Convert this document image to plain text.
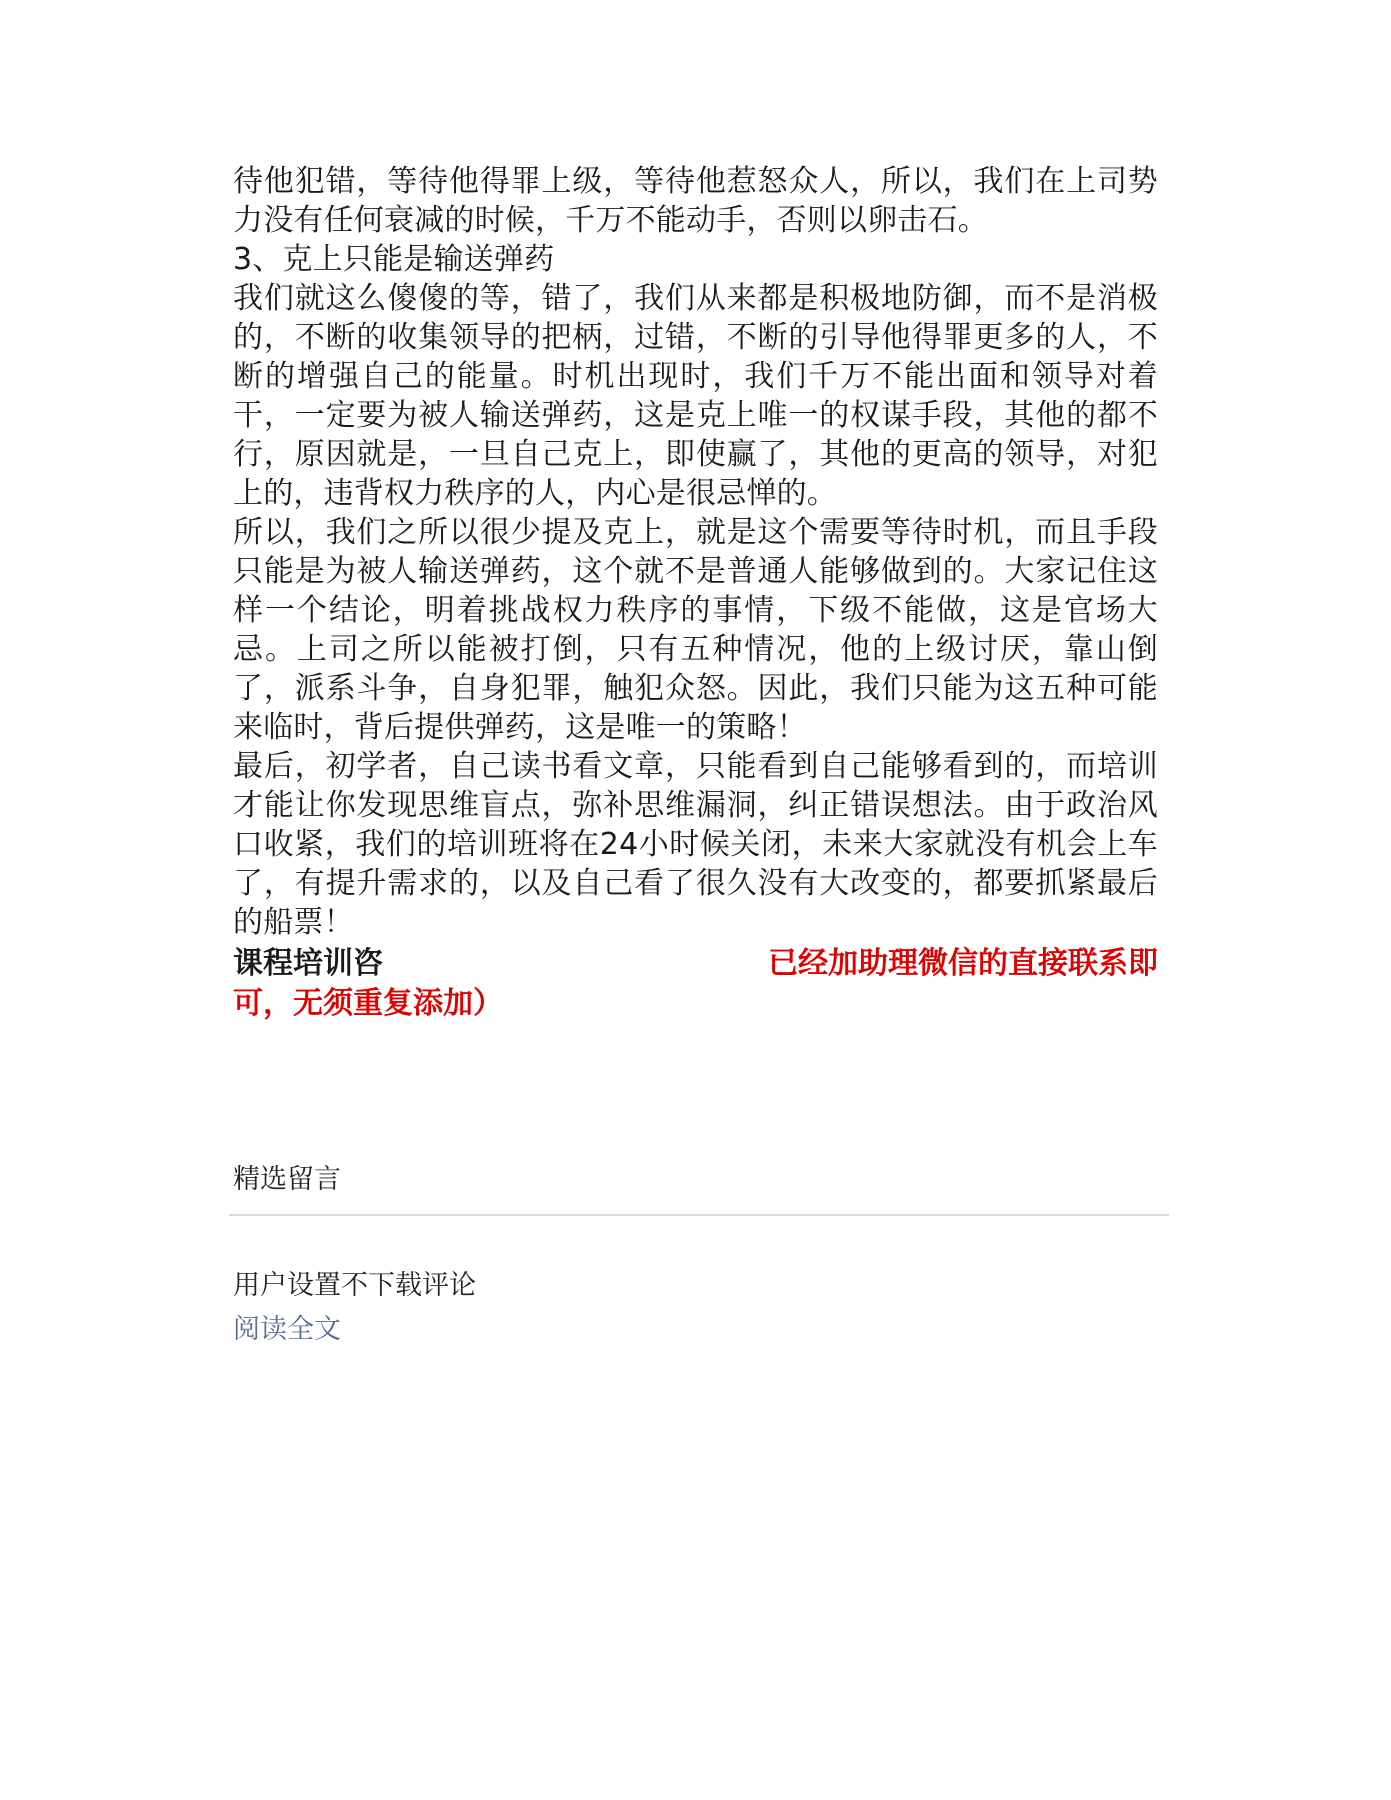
待他犯错，等待他得罪上级，等待他惹怒众人，所以，我们在上司势力没有任何衰减的时候，千万不能动手，否则以卵击石。

3、克上只能是输送弹药

我们就这么傻傻的等，错了，我们从来都是积极地防御，而不是消极的，不断的收集领导的把柄，过错，不断的引导他得罪更多的人，不断的增强自己的能量。时机出现时，我们千万不能出面和领导对着干，一定要为被人输送弹药，这是克上唯一的权谋手段，其他的都不行，原因就是，一旦自己克上，即使赢了，其他的更高的领导，对犯上的，违背权力秩序的人，内心是很忌惮的。

所以，我们之所以很少提及克上，就是这个需要等待时机，而且手段只能是为被人输送弹药，这个就不是普通人能够做到的。大家记住这样一个结论，明着挑战权力秩序的事情，下级不能做，这是官场大忌。上司之所以能被打倒，只有五种情况，他的上级讨厌，靠山倒了，派系斗争，自身犯罪，触犯众怒。因此，我们只能为这五种可能来临时，背后提供弹药，这是唯一的策略！

最后，初学者，自己读书看文章，只能看到自己能够看到的，而培训才能让你发现思维盲点，弥补思维漏洞，纠正错误想法。由于政治风口收紧，我们的培训班将在24小时候关闭，未来大家就没有机会上车了，有提升需求的，以及自己看了很久没有大改变的，都要抓紧最后的船票！

课程培训咨	已经加助理微信的直接联系即
可，无须重复添加）
精选留言
用户设置不下载评论
阅读全文
